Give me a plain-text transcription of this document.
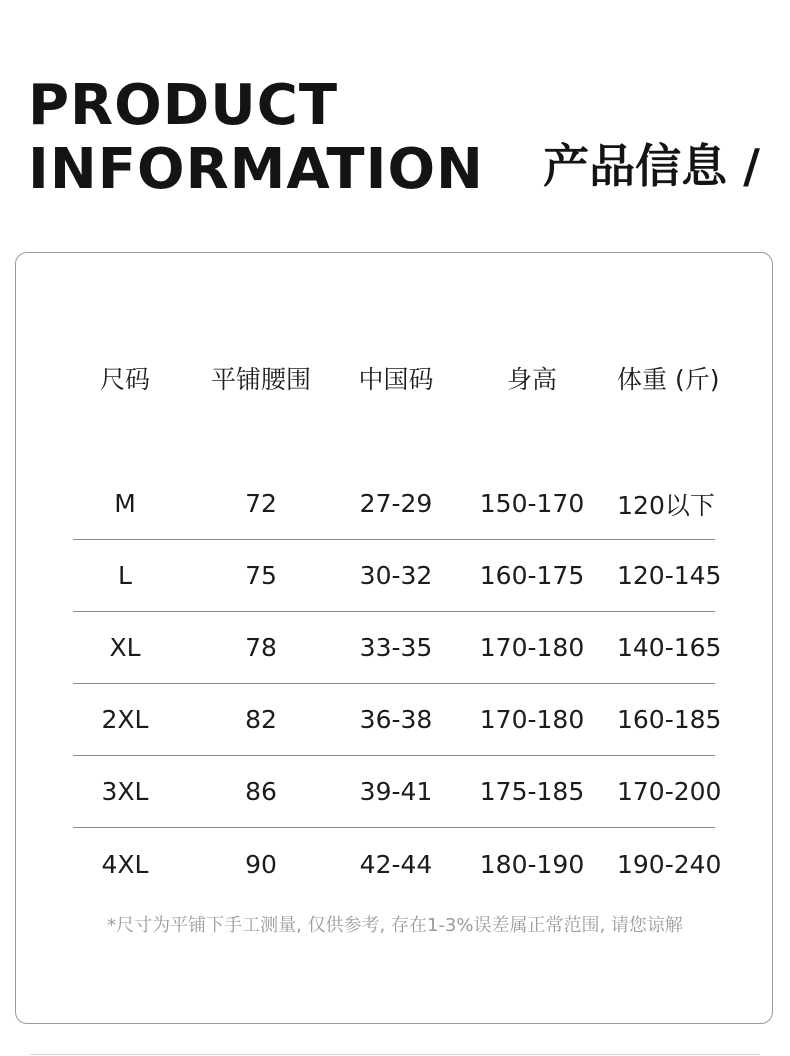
PRODUCT
INFORMATION 产品信息 /
尺码	平铺腰围	中国码	身高	体重 (斤)
M	72	27-29	150-170	120以下
L	75	30-32	160-175	120-145
XL	78	33-35	170-180	140-165
2XL	82	36-38	170-180	160-185
3XL	86	39-41	175-185	170-200
4XL	90	42-44	180-190	190-240
*尺寸为平铺下手工测量, 仅供参考, 存在1-3%误差属正常范围, 请您谅解
